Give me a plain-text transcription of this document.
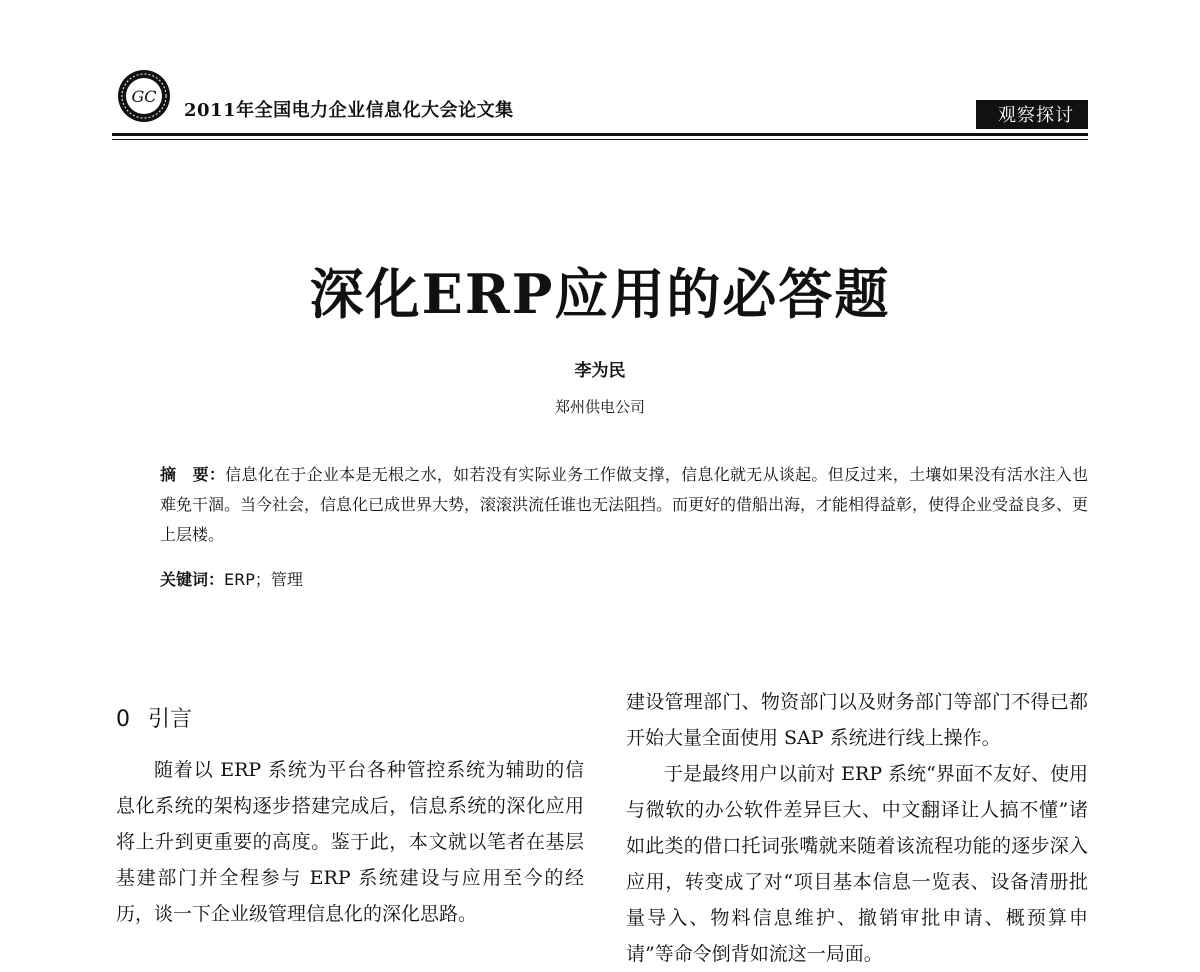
GC
2011年全国电力企业信息化大会论文集	观察探讨
深化ERP应用的必答题
李为民
郑州供电公司
摘　要：信息化在于企业本是无根之水，如若没有实际业务工作做支撑，信息化就无从谈起。但反过来，土壤如果没有活水注入也难免干涸。当今社会，信息化已成世界大势，滚滚洪流任谁也无法阻挡。而更好的借船出海，才能相得益彰，使得企业受益良多、更上层楼。
关键词：ERP；管理
0 引言

随着以 ERP 系统为平台各种管控系统为辅助的信息化系统的架构逐步搭建完成后，信息系统的深化应用将上升到更重要的高度。鉴于此，本文就以笔者在基层基建部门并全程参与 ERP 系统建设与应用至今的经历，谈一下企业级管理信息化的深化思路。

建设管理部门、物资部门以及财务部门等部门不得已都开始大量全面使用 SAP 系统进行线上操作。

于是最终用户以前对 ERP 系统“界面不友好、使用与微软的办公软件差异巨大、中文翻译让人搞不懂”诸如此类的借口托词张嘴就来随着该流程功能的逐步深入应用，转变成了对“项目基本信息一览表、设备清册批量导入、物料信息维护、撤销审批申请、概预算申请”等命令倒背如流这一局面。
